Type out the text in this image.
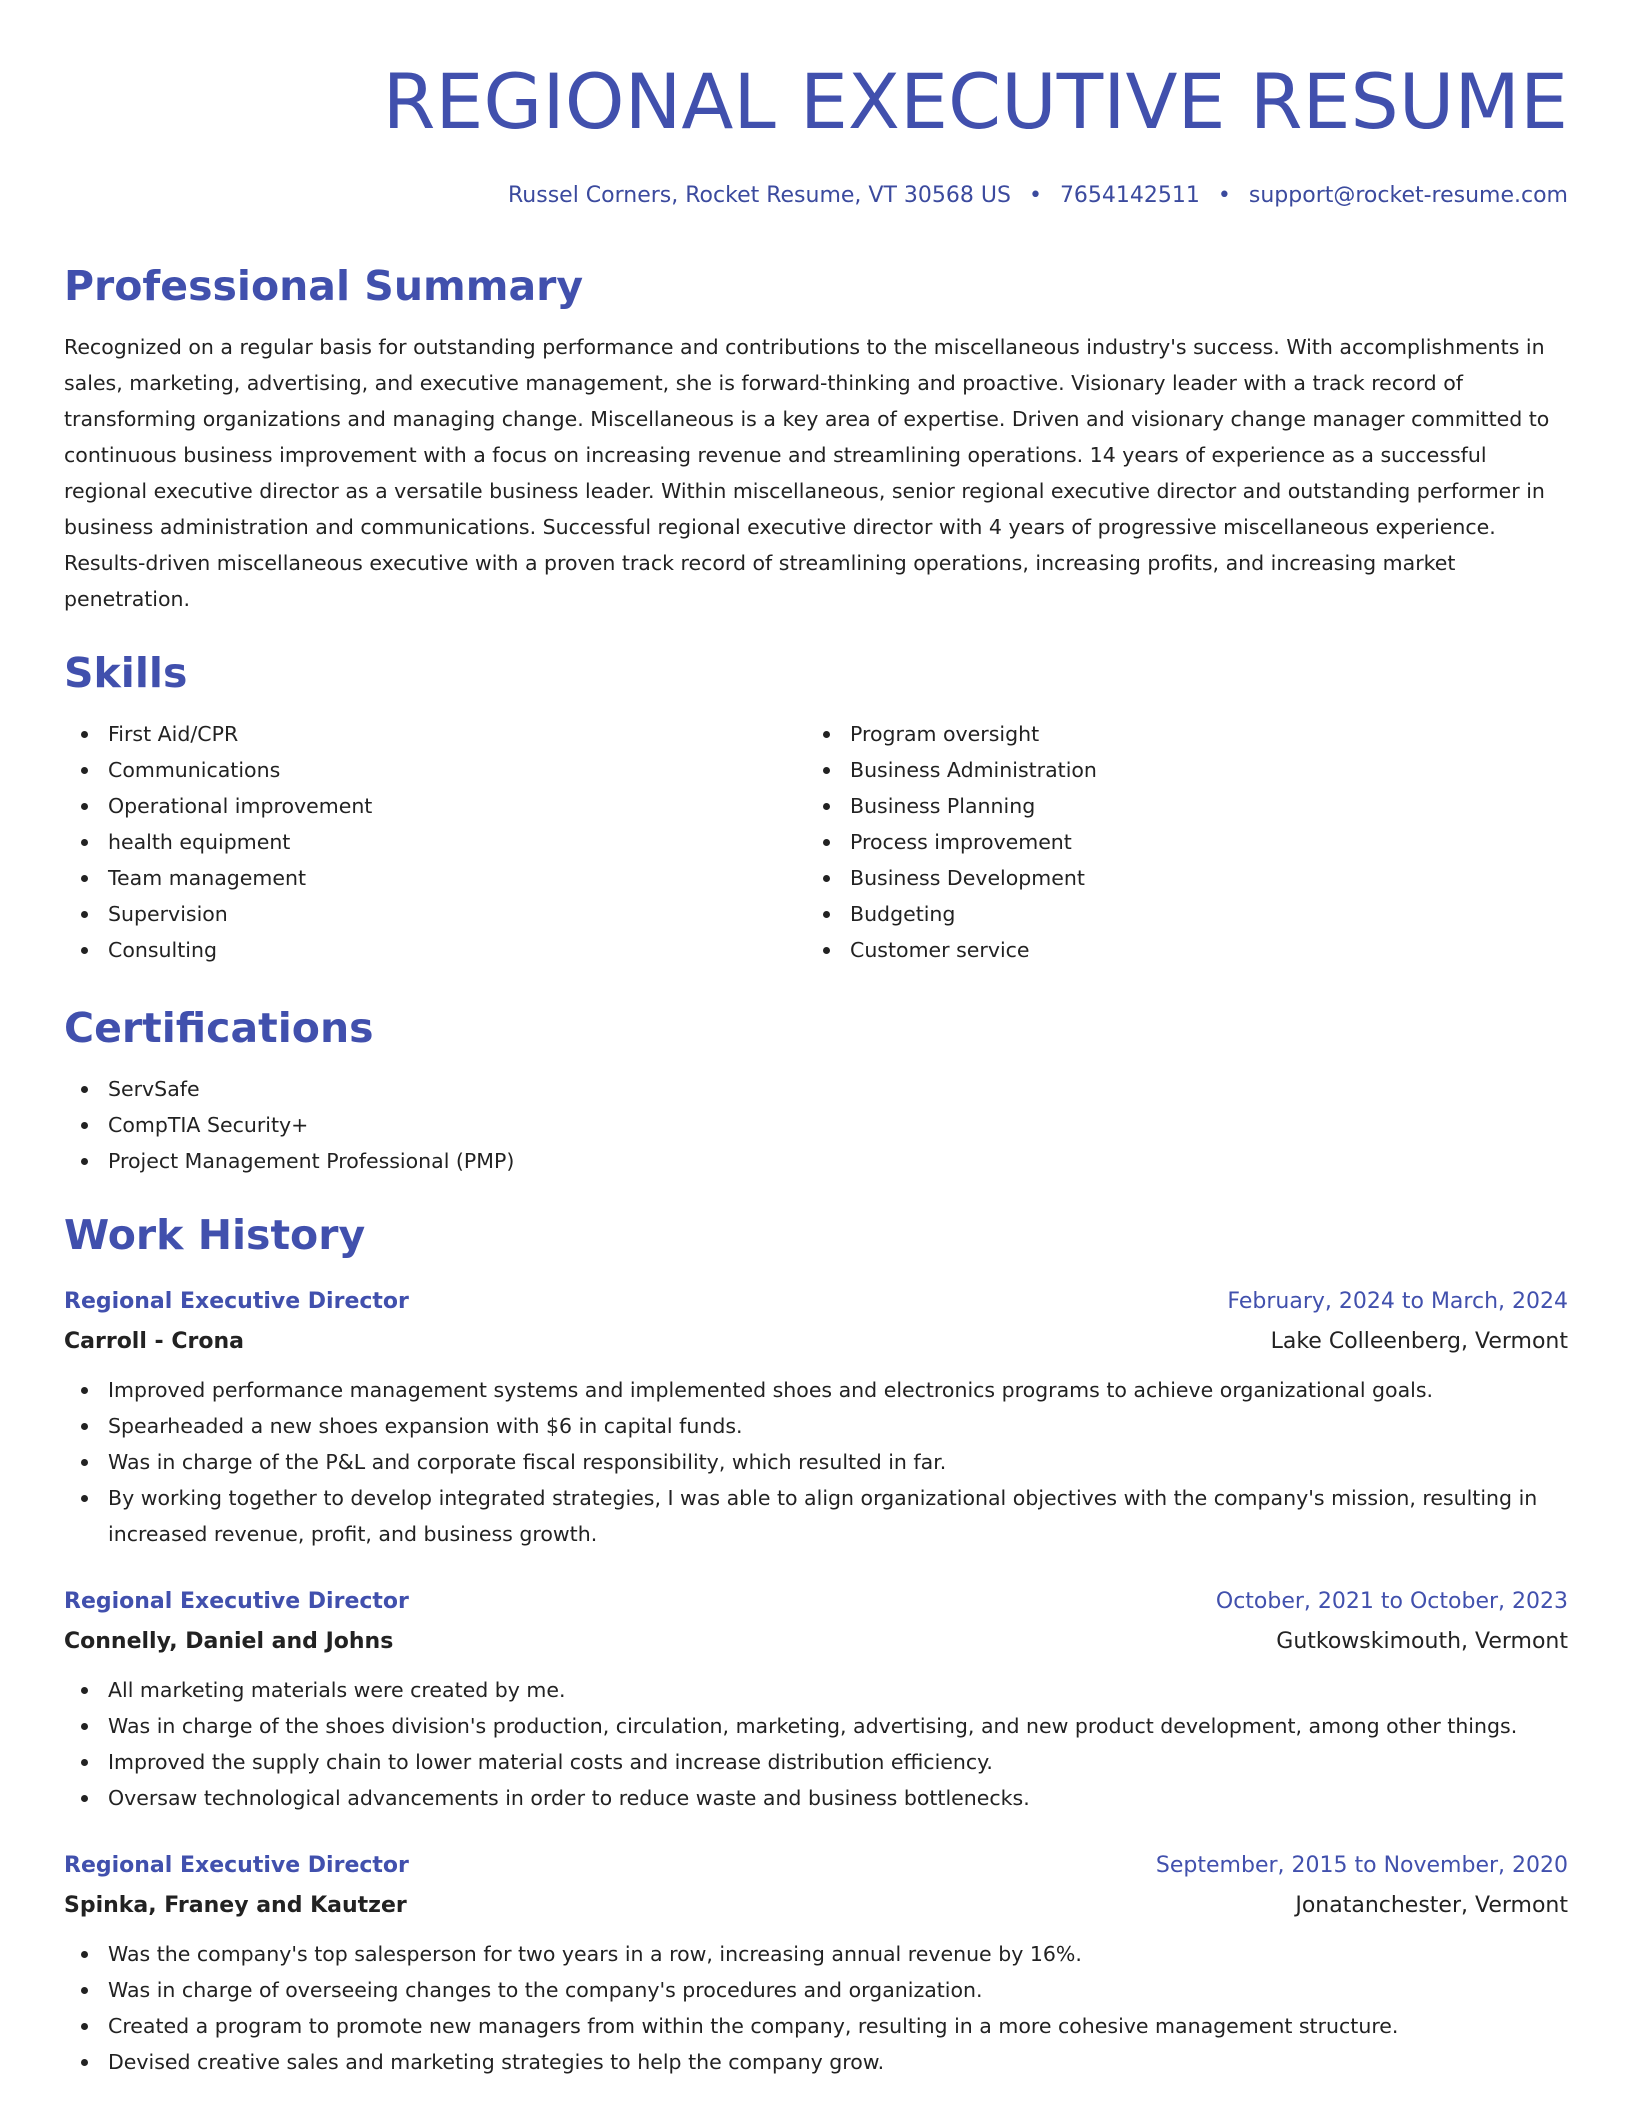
REGIONAL EXECUTIVE RESUME
Russel Corners, Rocket Resume, VT 30568 US • 7654142511 • support@rocket-resume.com
Professional Summary
Recognized on a regular basis for outstanding performance and contributions to the miscellaneous industry's success. With accomplishments in sales, marketing, advertising, and executive management, she is forward-thinking and proactive. Visionary leader with a track record of transforming organizations and managing change. Miscellaneous is a key area of expertise. Driven and visionary change manager committed to continuous business improvement with a focus on increasing revenue and streamlining operations. 14 years of experience as a successful regional executive director as a versatile business leader. Within miscellaneous, senior regional executive director and outstanding performer in business administration and communications. Successful regional executive director with 4 years of progressive miscellaneous experience. Results-driven miscellaneous executive with a proven track record of streamlining operations, increasing profits, and increasing market penetration.
Skills
First Aid/CPR
Communications
Operational improvement
health equipment
Team management
Supervision
Consulting
Program oversight
Business Administration
Business Planning
Process improvement
Business Development
Budgeting
Customer service
Certifications
ServSafe
CompTIA Security+
Project Management Professional (PMP)
Work History
Regional Executive Director	February, 2024 to March, 2024
Carroll - Crona	Lake Colleenberg, Vermont
Improved performance management systems and implemented shoes and electronics programs to achieve organizational goals.
Spearheaded a new shoes expansion with $6 in capital funds.
Was in charge of the P&L and corporate fiscal responsibility, which resulted in far.
By working together to develop integrated strategies, I was able to align organizational objectives with the company's mission, resulting in increased revenue, profit, and business growth.
Regional Executive Director	October, 2021 to October, 2023
Connelly, Daniel and Johns	Gutkowskimouth, Vermont
All marketing materials were created by me.
Was in charge of the shoes division's production, circulation, marketing, advertising, and new product development, among other things.
Improved the supply chain to lower material costs and increase distribution efficiency.
Oversaw technological advancements in order to reduce waste and business bottlenecks.
Regional Executive Director	September, 2015 to November, 2020
Spinka, Franey and Kautzer	Jonatanchester, Vermont
Was the company's top salesperson for two years in a row, increasing annual revenue by 16%.
Was in charge of overseeing changes to the company's procedures and organization.
Created a program to promote new managers from within the company, resulting in a more cohesive management structure.
Devised creative sales and marketing strategies to help the company grow.
